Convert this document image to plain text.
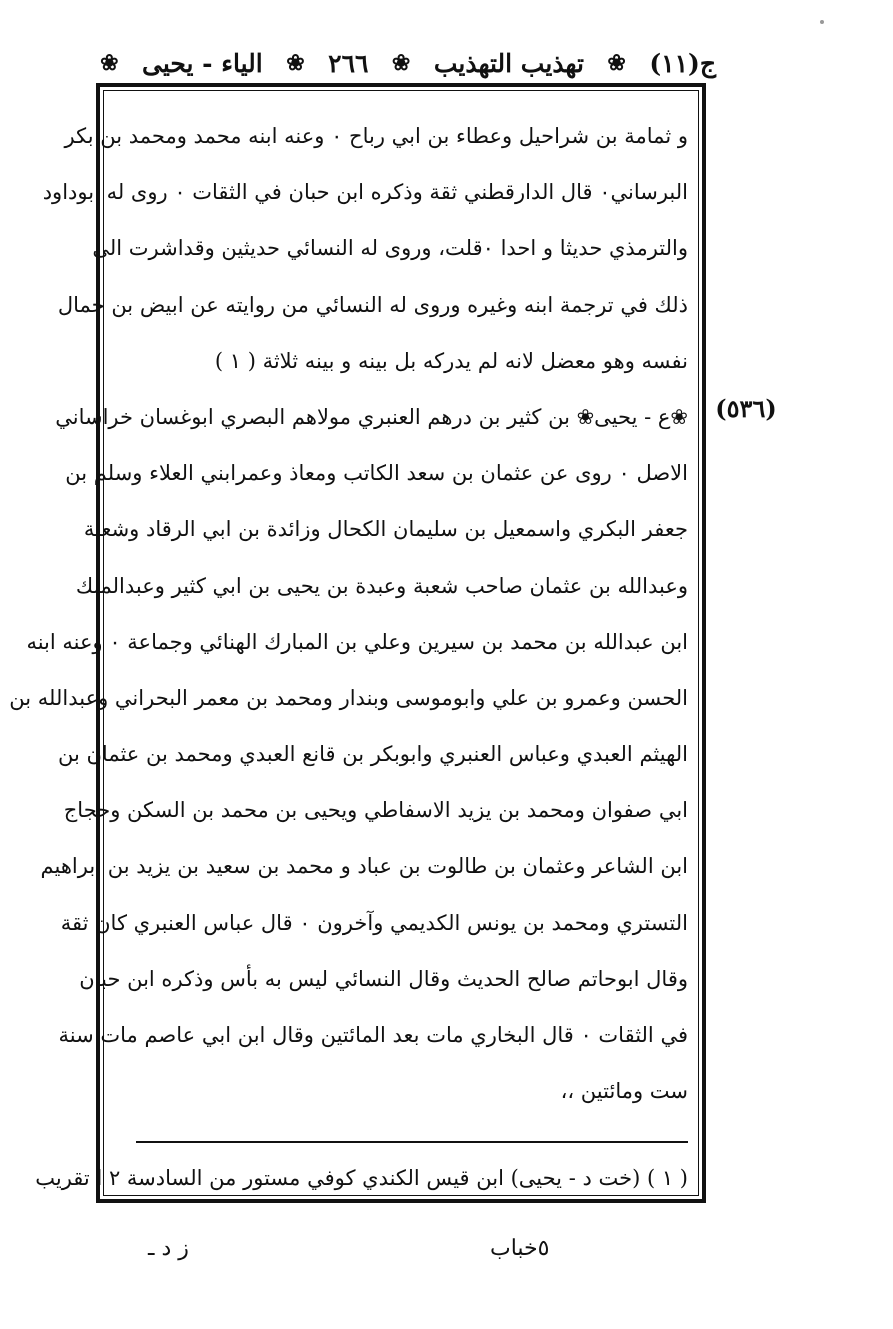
ج(١١)
❀
تهذيب التهذيب
❀
٢٦٦
❀
الياء - يحيى
❀
(٥٣٦)
و ثمامة بن شراحيل وعطاء بن ابي رباح ٠ وعنه ابنه محمد ومحمد بن بكر
البرساني٠ قال الدارقطني ثقة وذكره ابن حبان في الثقات ٠ روى له ابوداود
والترمذي حديثا و احدا ٠قلت، وروى له النسائي حديثين وقداشرت الى
ذلك في ترجمة ابنه وغيره وروى له النسائي من روايته عن ابيض بن حمال
نفسه وهو معضل لانه لم يدركه بل بينه و بينه ثلاثة ( ١ )
❀ع - يحيى❀ بن كثير بن درهم العنبري مولاهم البصري ابوغسان خراساني
الاصل ٠ روى عن عثمان بن سعد الكاتب ومعاذ وعمرابني العلاء وسلم بن
جعفر البكري واسمعيل بن سليمان الكحال وزائدة بن ابي الرقاد وشعبة
وعبدالله بن عثمان صاحب شعبة وعبدة بن يحيى بن ابي كثير وعبدالملك
ابن عبدالله بن محمد بن سيرين وعلي بن المبارك الهنائي وجماعة ٠ وعنه ابنه
الحسن وعمرو بن علي وابوموسى وبندار ومحمد بن معمر البحراني وعبدالله بن
الهيثم العبدي وعباس العنبري وابوبكر بن قانع العبدي ومحمد بن عثمان بن
ابي صفوان ومحمد بن يزيد الاسفاطي ويحيى بن محمد بن السكن وحجاج
ابن الشاعر وعثمان بن طالوت بن عباد و محمد بن سعيد بن يزيد بن ابراهيم
التستري ومحمد بن يونس الكديمي وآخرون ٠ قال عباس العنبري كان ثقة
وقال ابوحاتم صالح الحديث وقال النسائي ليس به بأس وذكره ابن حبان
في الثقات ٠ قال البخاري مات بعد المائتين وقال ابن ابي عاصم مات سنة
ست ومائتين ،،
( ١ ) (خت د - يحيى) ابن قيس الكندي كوفي مستور من السادسة ٢ ا تقريب
٥خباب
ز د ـ
